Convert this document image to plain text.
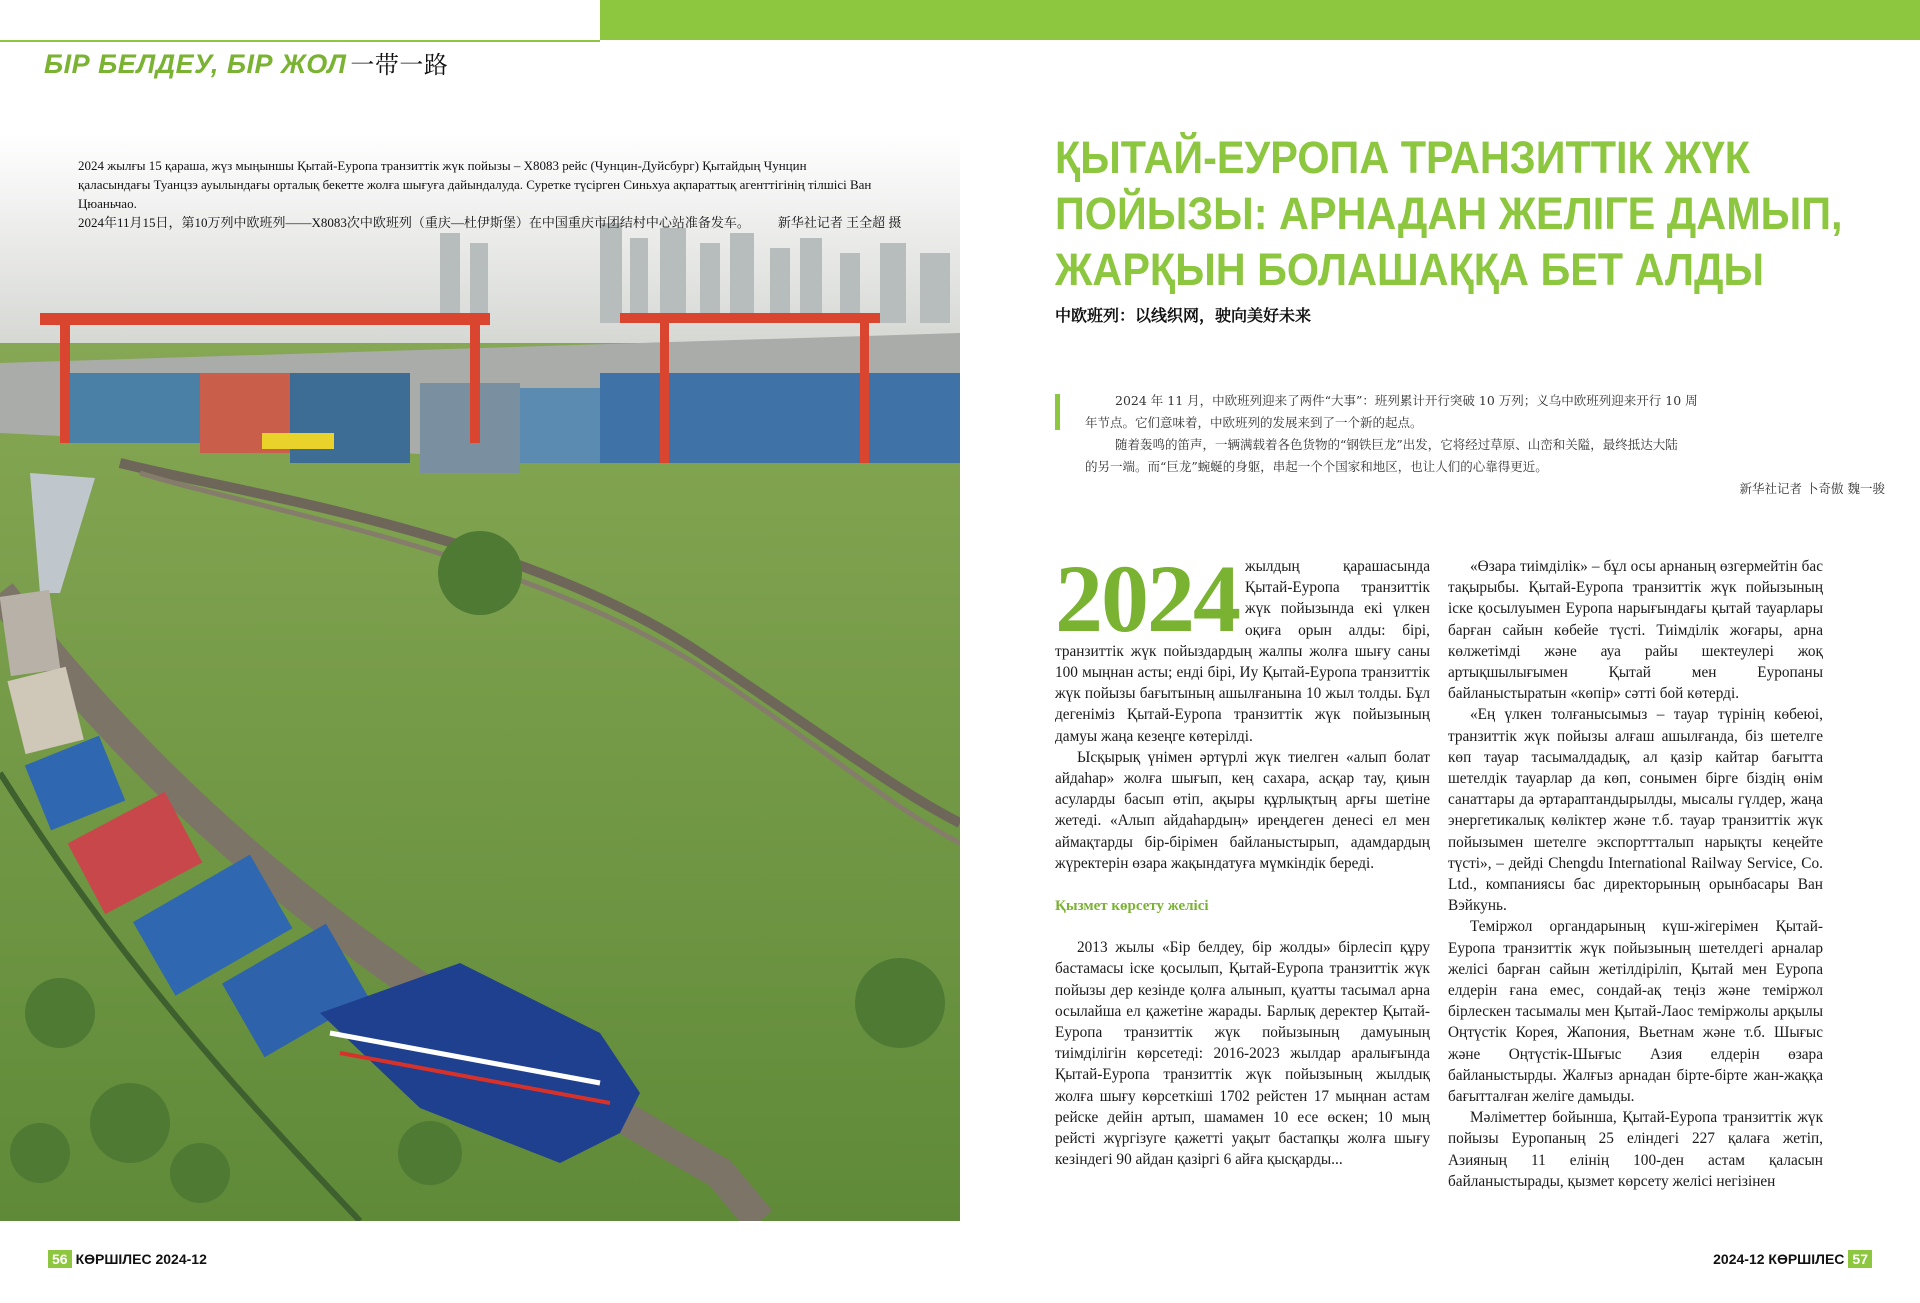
БІР БЕЛДЕУ, БІР ЖОЛ 一带一路
2024 жылғы 15 қараша, жүз мыңыншы Қытай-Еуропа транзиттік жүк пойызы – X8083 рейс (Чунцин-Дуйсбург) Қытайдың Чунцин қаласындағы Туанцзэ ауылындағы орталық бекетте жолға шығуға дайындалуда. Суретке түсірген Синьхуа ақпараттық агенттігінің тілшісі Ван Цюаньчао.
2024年11月15日，第10万列中欧班列——X8083次中欧班列（重庆—杜伊斯堡）在中国重庆市团结村中心站准备发车。 新华社记者 王全超 摄
ҚЫТАЙ-ЕУРОПА ТРАНЗИТТІК ЖҮК
ПОЙЫЗЫ: АРНАДАН ЖЕЛІГЕ ДАМЫП,
ЖАРҚЫН БОЛАШАҚҚА БЕТ АЛДЫ
中欧班列：以线织网，驶向美好未来

2024 年 11 月，中欧班列迎来了两件“大事”：班列累计开行突破 10 万列；义乌中欧班列迎来开行 10 周

年节点。它们意味着，中欧班列的发展来到了一个新的起点。

随着轰鸣的笛声，一辆满载着各色货物的“钢铁巨龙”出发，它将经过草原、山峦和关隘，最终抵达大陆

的另一端。而“巨龙”蜿蜒的身躯，串起一个个国家和地区，也让人们的心靠得更近。

新华社记者 卜奇傲 魏一骏

2024 жылдың қарашасында Қытай-Еуропа транзиттік жүк пойызында екі үлкен оқиға орын алды: бірі, транзиттік жүк пойыздардың жалпы жолға шығу саны 100 мыңнан асты; енді бірі, Иу Қытай-Еуропа транзиттік жүк пойызы бағытының ашылғанына 10 жыл толды. Бұл дегеніміз Қытай-Еуропа транзиттік жүк пойызының дамуы жаңа кезеңге көтерілді.

Ысқырық үнімен әртүрлі жүк тиелген «алып болат айдаһар» жолға шығып, кең сахара, асқар тау, қиын асуларды басып өтіп, ақыры құрлықтың арғы шетіне жетеді. «Алып айдаһардың» иреңдеген денесі ел мен аймақтарды бір-бірімен байланыстырып, адамдардың жүректерін өзара жақындатуға мүмкіндік береді.

Қызмет көрсету желісі

2013 жылы «Бір белдеу, бір жолды» бірлесіп құру бастамасы іске қосылып, Қытай-Еуропа транзиттік жүк пойызы дер кезінде қолға алынып, қуатты тасымал арна осылайша ел қажетіне жарады. Барлық деректер Қытай-Еуропа транзиттік жүк пойызының дамуының тиімділігін көрсетеді: 2016-2023 жылдар аралығында Қытай-Еуропа транзиттік жүк пойызының жылдық жолға шығу көрсеткіші 1702 рейстен 17 мыңнан астам рейске дейін артып, шамамен 10 есе өскен; 10 мың рейсті жүргізуге қажетті уақыт бастапқы жолға шығу кезіндегі 90 айдан қазіргі 6 айға қысқарды...

«Өзара тиімділік» – бұл осы арнаның өзгермейтін бас тақырыбы. Қытай-Еуропа транзиттік жүк пойызының іске қосылуымен Еуропа нарығындағы қытай тауарлары барған сайын көбейе түсті. Тиімділік жоғары, арна көлжетімді және ауа райы шектеулері жоқ артықшылығымен Қытай мен Еуропаны байланыстыратын «көпір» сәтті бой көтерді.

«Ең үлкен толғанысымыз – тауар түрінің көбеюі, транзиттік жүк пойызы алғаш ашылғанда, біз шетелге көп тауар тасымалдадық, ал қазір кайтар бағытта шетелдік тауарлар да көп, сонымен бірге біздің өнім санаттары да әртараптандырылды, мысалы гүлдер, жаңа энергетикалық көліктер және т.б. тауар транзиттік жүк пойызымен шетелге экспорттталып нарықты кеңейте түсті», – дейді Chengdu International Railway Service, Co. Ltd., компаниясы бас директорының орынбасары Ван Вэйкунь.

Теміржол органдарының күш-жігерімен Қытай-Еуропа транзиттік жүк пойызының шетелдегі арналар желісі барған сайын жетілдіріліп, Қытай мен Еуропа елдерін ғана емес, сондай-ақ теңіз және теміржол бірлескен тасымалы мен Қытай-Лаос теміржолы арқылы Оңтүстік Корея, Жапония, Вьетнам және т.б. Шығыс және Оңтүстік-Шығыс Азия елдерін өзара байланыстырды. Жалғыз арнадан біртe-біртe жан-жаққа бағытталған желіге дамыды.

Мәліметтер бойынша, Қытай-Еуропа транзиттік жүк пойызы Еуропаның 25 еліндегі 227 қалаға жетіп, Азияның 11 елінің 100-ден астам қаласын байланыстырады, қызмет көрсету желісі негізінен

56 КӨРШІЛЕС 2024-12	2024-12 КӨРШІЛЕС 57
